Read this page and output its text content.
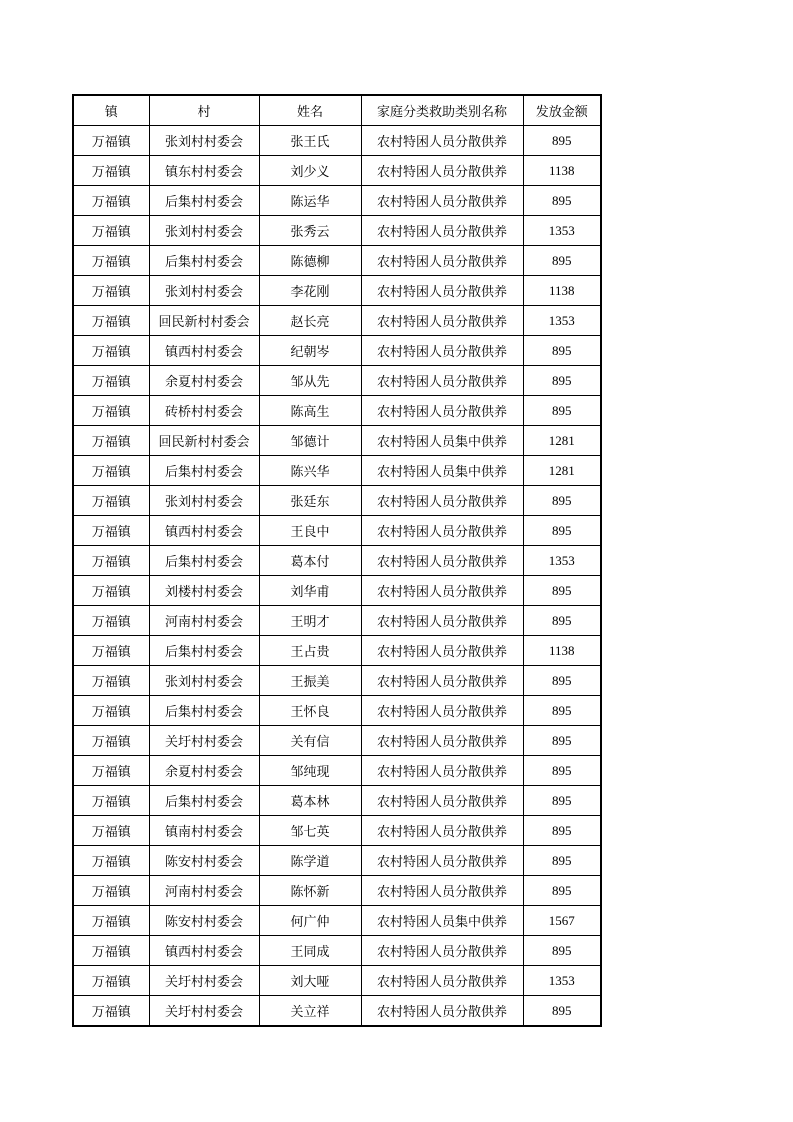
镇	村	姓名	家庭分类救助类别名称	发放金额
万福镇	张刘村村委会	张王氏	农村特困人员分散供养	895
万福镇	镇东村村委会	刘少义	农村特困人员分散供养	1138
万福镇	后集村村委会	陈运华	农村特困人员分散供养	895
万福镇	张刘村村委会	张秀云	农村特困人员分散供养	1353
万福镇	后集村村委会	陈德柳	农村特困人员分散供养	895
万福镇	张刘村村委会	李花刚	农村特困人员分散供养	1138
万福镇	回民新村村委会	赵长亮	农村特困人员分散供养	1353
万福镇	镇西村村委会	纪朝岑	农村特困人员分散供养	895
万福镇	余夏村村委会	邹从先	农村特困人员分散供养	895
万福镇	砖桥村村委会	陈高生	农村特困人员分散供养	895
万福镇	回民新村村委会	邹德计	农村特困人员集中供养	1281
万福镇	后集村村委会	陈兴华	农村特困人员集中供养	1281
万福镇	张刘村村委会	张廷东	农村特困人员分散供养	895
万福镇	镇西村村委会	王良中	农村特困人员分散供养	895
万福镇	后集村村委会	葛本付	农村特困人员分散供养	1353
万福镇	刘楼村村委会	刘华甫	农村特困人员分散供养	895
万福镇	河南村村委会	王明才	农村特困人员分散供养	895
万福镇	后集村村委会	王占贵	农村特困人员分散供养	1138
万福镇	张刘村村委会	王振美	农村特困人员分散供养	895
万福镇	后集村村委会	王怀良	农村特困人员分散供养	895
万福镇	关圩村村委会	关有信	农村特困人员分散供养	895
万福镇	余夏村村委会	邹纯现	农村特困人员分散供养	895
万福镇	后集村村委会	葛本林	农村特困人员分散供养	895
万福镇	镇南村村委会	邹七英	农村特困人员分散供养	895
万福镇	陈安村村委会	陈学道	农村特困人员分散供养	895
万福镇	河南村村委会	陈怀新	农村特困人员分散供养	895
万福镇	陈安村村委会	何广仲	农村特困人员集中供养	1567
万福镇	镇西村村委会	王同成	农村特困人员分散供养	895
万福镇	关圩村村委会	刘大哑	农村特困人员分散供养	1353
万福镇	关圩村村委会	关立祥	农村特困人员分散供养	895
